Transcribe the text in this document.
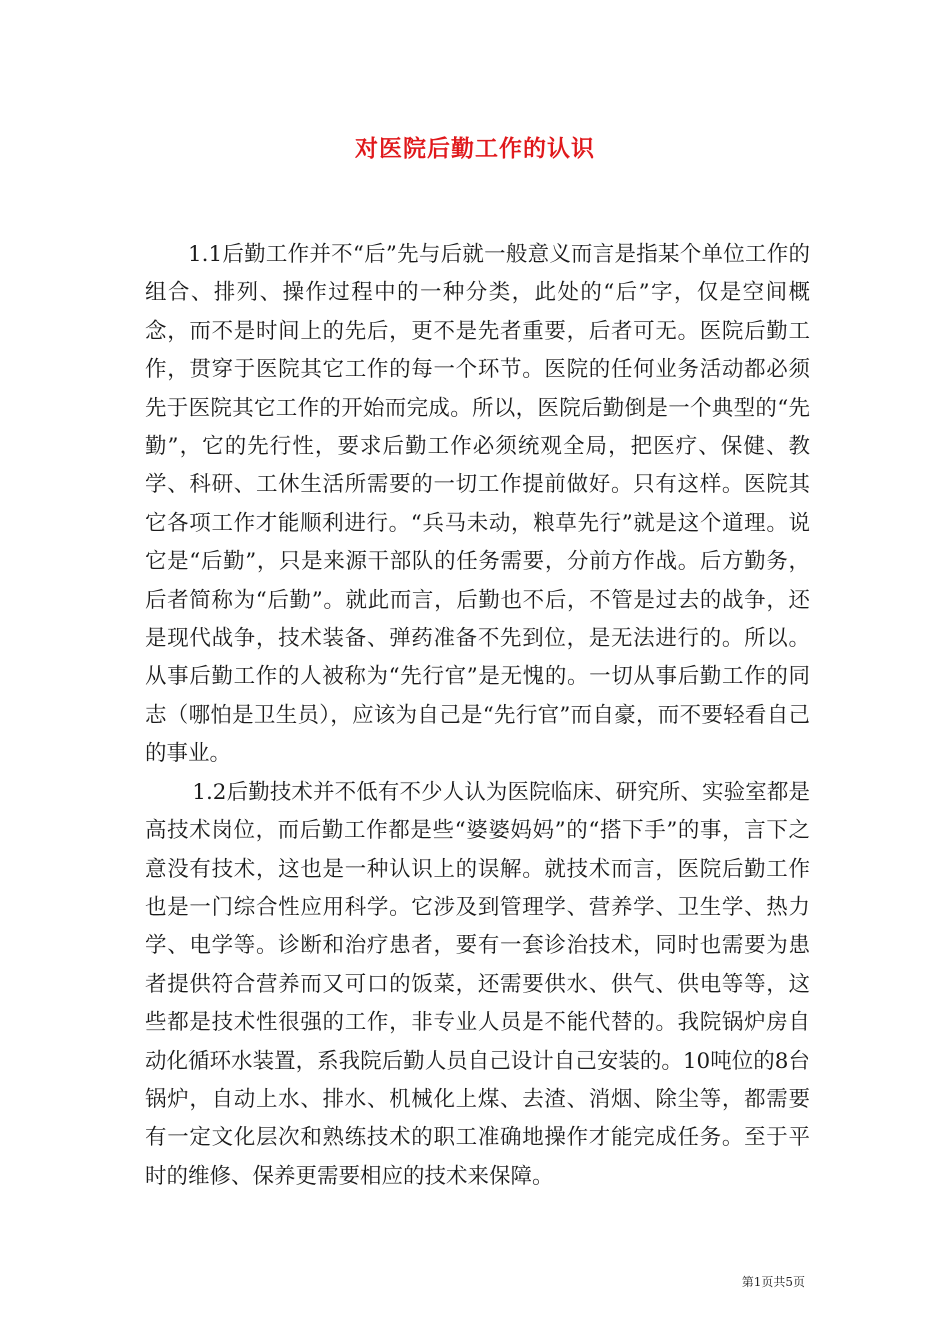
对医院后勤工作的认识

1.1后勤工作并不“后”先与后就一般意义而言是指某个单位工作的组合、排列、操作过程中的一种分类，此处的“后”字，仅是空间概念，而不是时间上的先后，更不是先者重要，后者可无。医院后勤工作，贯穿于医院其它工作的每一个环节。医院的任何业务活动都必须先于医院其它工作的开始而完成。所以，医院后勤倒是一个典型的“先勤”，它的先行性，要求后勤工作必须统观全局，把医疗、保健、教学、科研、工休生活所需要的一切工作提前做好。只有这样。医院其它各项工作才能顺利进行。“兵马未动，粮草先行”就是这个道理。说它是“后勤”，只是来源干部队的任务需要，分前方作战。后方勤务，后者简称为“后勤”。就此而言，后勤也不后，不管是过去的战争，还是现代战争，技术装备、弹药准备不先到位，是无法进行的。所以。从事后勤工作的人被称为“先行官”是无愧的。一切从事后勤工作的同志（哪怕是卫生员），应该为自己是“先行官”而自豪，而不要轻看自己的事业。

1.2后勤技术并不低有不少人认为医院临床、研究所、实验室都是高技术岗位，而后勤工作都是些“婆婆妈妈”的“搭下手”的事，言下之意没有技术，这也是一种认识上的误解。就技术而言，医院后勤工作也是一门综合性应用科学。它涉及到管理学、营养学、卫生学、热力学、电学等。诊断和治疗患者，要有一套诊治技术，同时也需要为患者提供符合营养而又可口的饭菜，还需要供水、供气、供电等等，这些都是技术性很强的工作，非专业人员是不能代替的。我院锅炉房自动化循环水装置，系我院后勤人员自己设计自己安装的。10吨位的8台锅炉，自动上水、排水、机械化上煤、去渣、消烟、除尘等，都需要有一定文化层次和熟练技术的职工准确地操作才能完成任务。至于平时的维修、保养更需要相应的技术来保障。

第1页共5页
